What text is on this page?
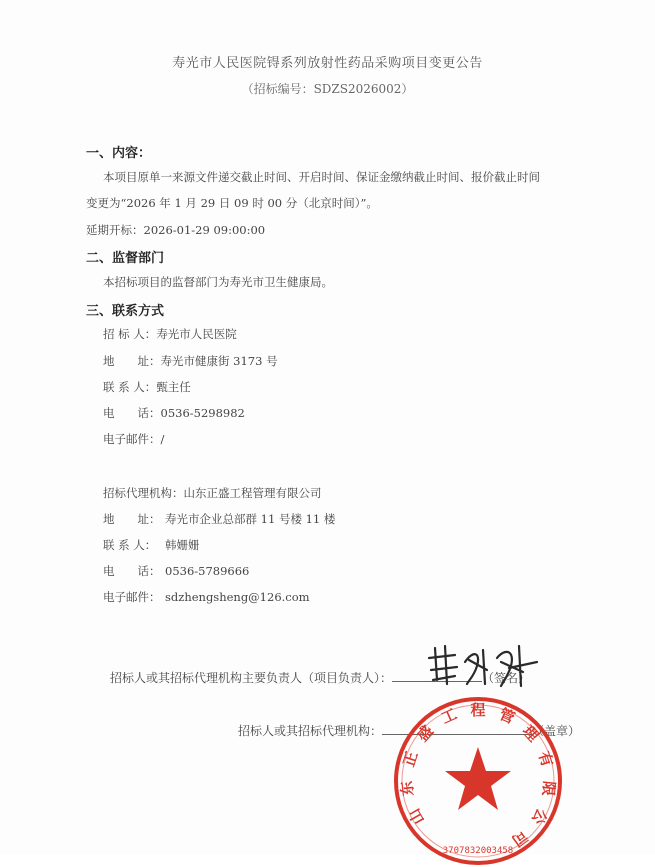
寿光市人民医院锝系列放射性药品采购项目变更公告
（招标编号：SDZS2026002）
一、内容：
本项目原单一来源文件递交截止时间、开启时间、保证金缴纳截止时间、报价截止时间
变更为“2026 年 1 月 29 日 09 时 00 分（北京时间）”。
延期开标：2026-01-29 09:00:00
二、监督部门
本招标项目的监督部门为寿光市卫生健康局。
三、联系方式
招 标 人：寿光市人民医院
地　　址：寿光市健康街 3173 号
联 系 人：甄主任
电　　话：0536-5298982
电子邮件：/
招标代理机构：山东正盛工程管理有限公司
地　　址： 寿光市企业总部群 11 号楼 11 楼
联 系 人： 韩姗姗
电　　话： 0536-5789666
电子邮件： sdzhengsheng@126.com
招标人或其招标代理机构主要负责人（项目负责人）：	（签名）
招标人或其招标代理机构：	（盖章）
山
东
正
盛
工 程 管
理
有
限
公
司
3707832003458
